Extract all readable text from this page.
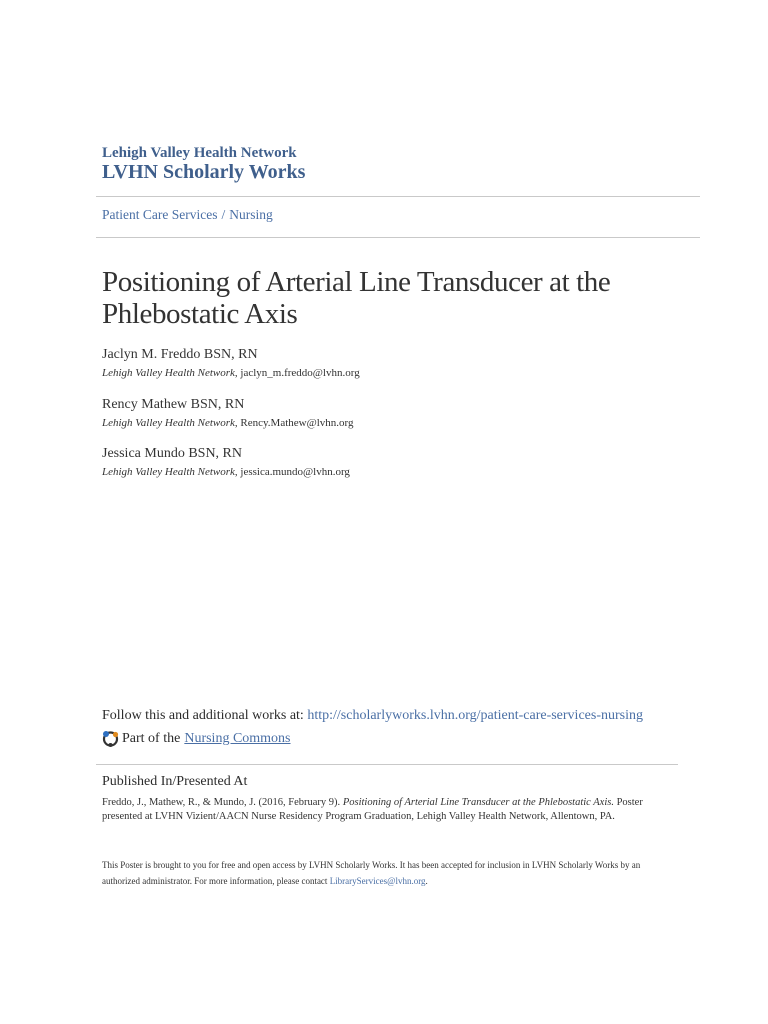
Lehigh Valley Health Network
LVHN Scholarly Works
Patient Care Services / Nursing
Positioning of Arterial Line Transducer at the
Phlebostatic Axis
Jaclyn M. Freddo BSN, RN
Lehigh Valley Health Network, jaclyn_m.freddo@lvhn.org
Rency Mathew BSN, RN
Lehigh Valley Health Network, Rency.Mathew@lvhn.org
Jessica Mundo BSN, RN
Lehigh Valley Health Network, jessica.mundo@lvhn.org
Follow this and additional works at: http://scholarlyworks.lvhn.org/patient-care-services-nursing
Part of the Nursing Commons
Published In/Presented At
Freddo, J., Mathew, R., & Mundo, J. (2016, February 9). Positioning of Arterial Line Transducer at the Phlebostatic Axis. Poster presented at LVHN Vizient/AACN Nurse Residency Program Graduation, Lehigh Valley Health Network, Allentown, PA.
This Poster is brought to you for free and open access by LVHN Scholarly Works. It has been accepted for inclusion in LVHN Scholarly Works by an authorized administrator. For more information, please contact LibraryServices@lvhn.org.
